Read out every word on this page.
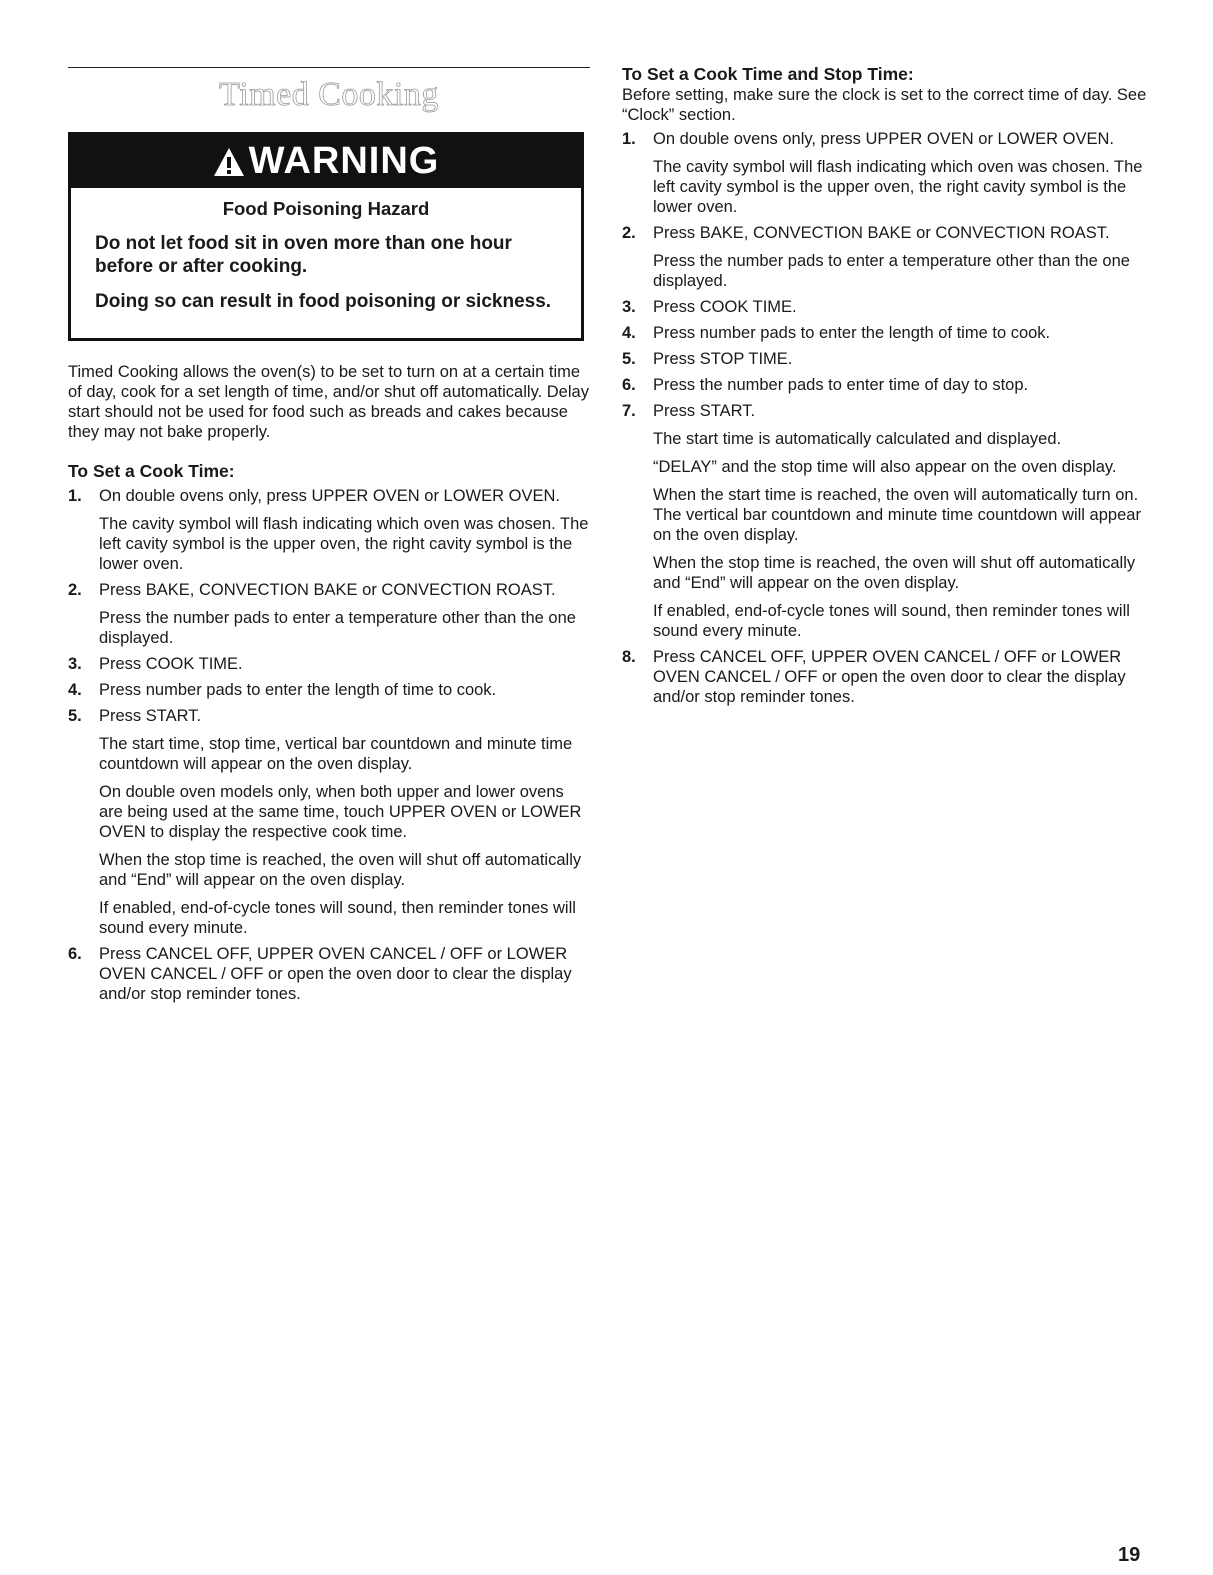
Timed Cooking
WARNING
Food Poisoning Hazard
Do not let food sit in oven more than one hour before or after cooking.
Doing so can result in food poisoning or sickness.
Timed Cooking allows the oven(s) to be set to turn on at a certain time of day, cook for a set length of time, and/or shut off automatically. Delay start should not be used for food such as breads and cakes because they may not bake properly.
To Set a Cook Time:
1.	On double ovens only, press UPPER OVEN or LOWER OVEN.
The cavity symbol will flash indicating which oven was chosen. The left cavity symbol is the upper oven, the right cavity symbol is the lower oven.
2.	Press BAKE, CONVECTION BAKE or CONVECTION ROAST.
Press the number pads to enter a temperature other than the one displayed.
3.	Press COOK TIME.
4.	Press number pads to enter the length of time to cook.
5.	Press START.
The start time, stop time, vertical bar countdown and minute time countdown will appear on the oven display.
On double oven models only, when both upper and lower ovens are being used at the same time, touch UPPER OVEN or LOWER OVEN to display the respective cook time.
When the stop time is reached, the oven will shut off automatically and “End” will appear on the oven display.
If enabled, end-of-cycle tones will sound, then reminder tones will sound every minute.
6.	Press CANCEL OFF, UPPER OVEN CANCEL / OFF or LOWER OVEN CANCEL / OFF or open the oven door to clear the display and/or stop reminder tones.
To Set a Cook Time and Stop Time:
Before setting, make sure the clock is set to the correct time of day. See “Clock” section.
1.	On double ovens only, press UPPER OVEN or LOWER OVEN.
The cavity symbol will flash indicating which oven was chosen. The left cavity symbol is the upper oven, the right cavity symbol is the lower oven.
2.	Press BAKE, CONVECTION BAKE or CONVECTION ROAST.
Press the number pads to enter a temperature other than the one displayed.
3.	Press COOK TIME.
4.	Press number pads to enter the length of time to cook.
5.	Press STOP TIME.
6.	Press the number pads to enter time of day to stop.
7.	Press START.
The start time is automatically calculated and displayed.
“DELAY” and the stop time will also appear on the oven display.
When the start time is reached, the oven will automatically turn on. The vertical bar countdown and minute time countdown will appear on the oven display.
When the stop time is reached, the oven will shut off automatically and “End” will appear on the oven display.
If enabled, end-of-cycle tones will sound, then reminder tones will sound every minute.
8.	Press CANCEL OFF, UPPER OVEN CANCEL / OFF or LOWER OVEN CANCEL / OFF or open the oven door to clear the display and/or stop reminder tones.
19
